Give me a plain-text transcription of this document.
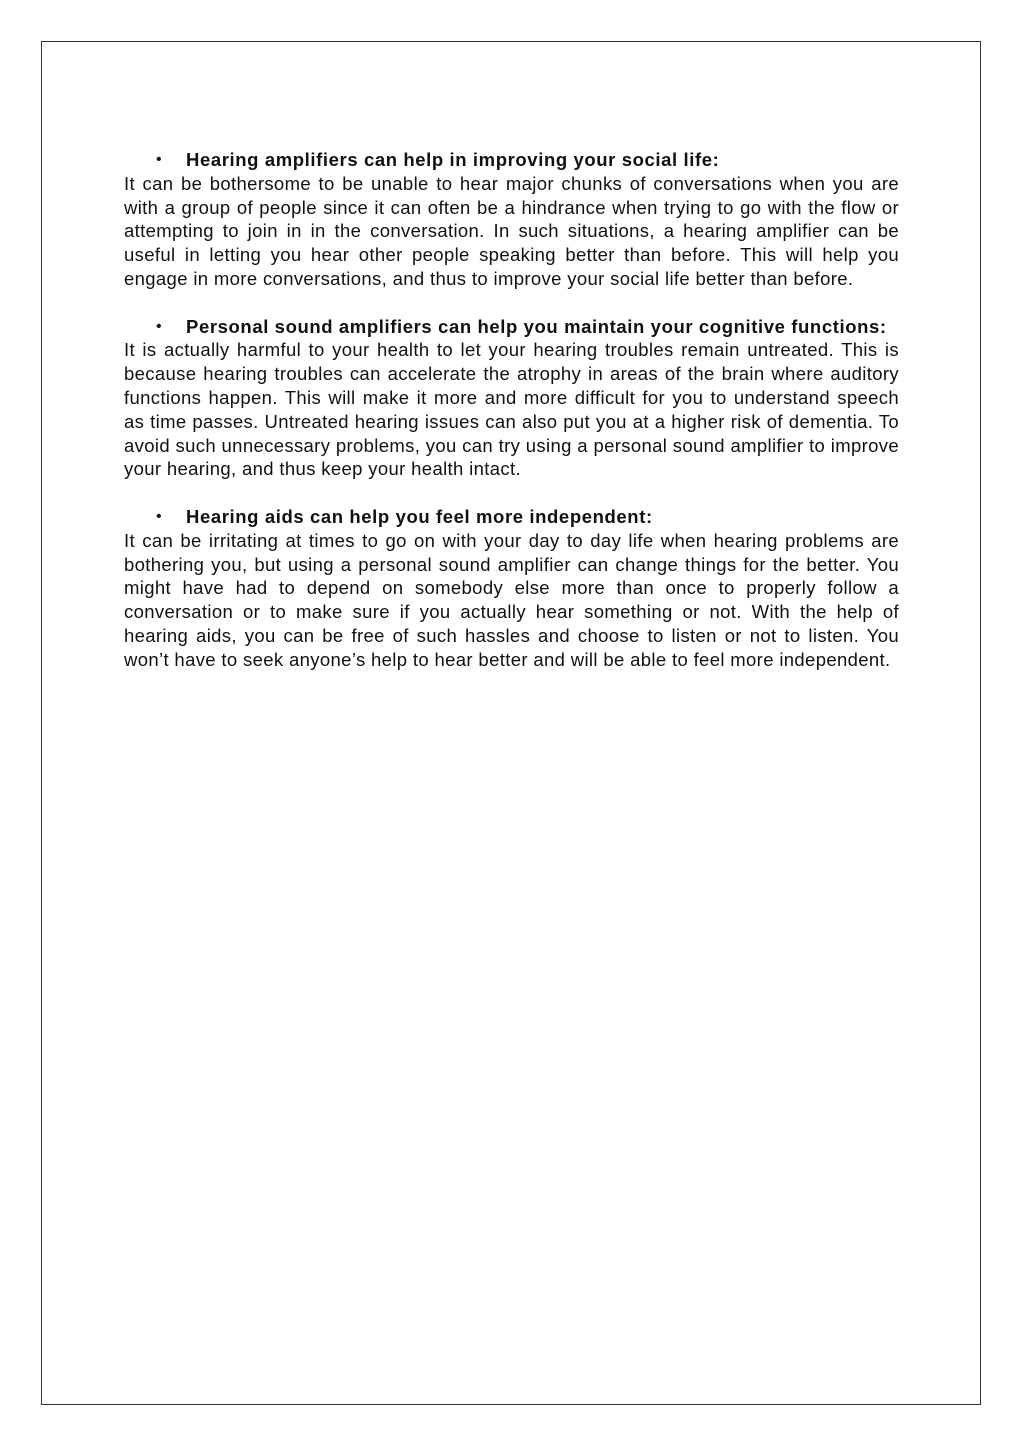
• Hearing amplifiers can help in improving your social life:

It can be bothersome to be unable to hear major chunks of conversations when you are with a group of people since it can often be a hindrance when trying to go with the flow or attempting to join in in the conversation. In such situations, a hearing amplifier can be useful in letting you hear other people speaking better than before. This will help you engage in more conversations, and thus to improve your social life better than before.

• Personal sound amplifiers can help you maintain your cognitive functions:

It is actually harmful to your health to let your hearing troubles remain untreated. This is because hearing troubles can accelerate the atrophy in areas of the brain where auditory functions happen. This will make it more and more difficult for you to understand speech as time passes. Untreated hearing issues can also put you at a higher risk of dementia. To avoid such unnecessary problems, you can try using a personal sound amplifier to improve your hearing, and thus keep your health intact.

• Hearing aids can help you feel more independent:

It can be irritating at times to go on with your day to day life when hearing problems are bothering you, but using a personal sound amplifier can change things for the better. You might have had to depend on somebody else more than once to properly follow a conversation or to make sure if you actually hear something or not. With the help of hearing aids, you can be free of such hassles and choose to listen or not to listen. You won’t have to seek anyone’s help to hear better and will be able to feel more independent.
